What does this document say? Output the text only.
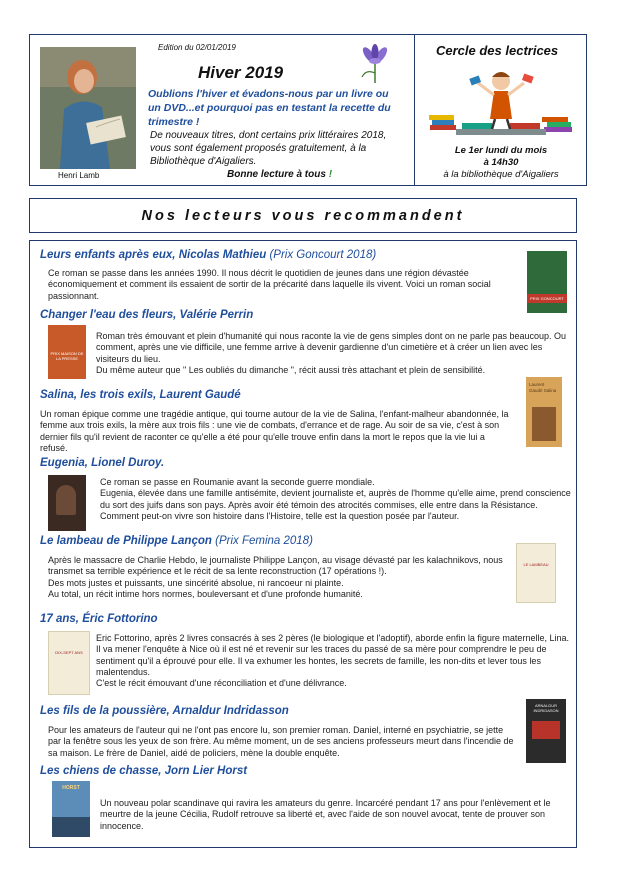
Henri Lamb
Edition du 02/01/2019
Hiver 2019
Oublions l'hiver et évadons-nous par un livre ou un DVD...et pourquoi pas en testant la recette du trimestre !
De nouveaux titres, dont certains prix littéraires 2018, vous sont également proposés gratuitement, à la Bibliothèque d'Aigaliers.
Bonne lecture à tous !
Cercle des lectrices
Le 1er lundi du mois
à 14h30
à la bibliothèque d'Aigaliers
Nos lecteurs vous recommandent
Leurs enfants après eux, Nicolas Mathieu (Prix Goncourt 2018)
Ce roman se passe dans les années 1990. Il nous décrit le quotidien de jeunes dans une région dévastée économiquement et comment ils essaient de sortir de la précarité dans laquelle ils vivent. Voici un roman social passionnant.	PRIX GONCOURT
Changer l'eau des fleurs, Valérie Perrin
Roman très émouvant et plein d'humanité qui nous raconte la vie de gens simples dont on ne parle pas beaucoup. Ou comment, après une vie difficile, une femme arrive à devenir gardienne d'un cimetière et à créer un lien avec les visiteurs du lieu.
Du même auteur que " Les oubliés du dimanche ", récit aussi très attachant et plein de sensibilité.
PRIX MAISON DE LA PRESSE
Salina, les trois exils, Laurent Gaudé
Un roman épique comme une tragédie antique, qui tourne autour de la vie de Salina, l'enfant-malheur abandonnée, la femme aux trois exils, la mère aux trois fils : une vie de combats, d'errance et de rage. Au soir de sa vie, c'est à son dernier fils qu'il revient de raconter ce qu'elle a été pour qu'elle trouve enfin dans la mort le repos que la vie lui a refusé.
Laurent Gaudé Salina
Eugenia, Lionel Duroy.
Ce roman se passe en Roumanie avant la seconde guerre mondiale.
Eugenia, élevée dans une famille antisémite, devient journaliste et, auprès de l'homme qu'elle aime, prend conscience du sort des juifs dans son pays. Après avoir été témoin des atrocités commises, elle entre dans la Résistance. Comment peut-on vivre son histoire dans l'Histoire, telle est la question posée par l'auteur.
Le lambeau de Philippe Lançon (Prix Femina 2018)
Après le massacre de Charlie Hebdo, le journaliste Philippe Lançon, au visage dévasté par les kalachnikovs, nous transmet sa terrible expérience et le récit de sa lente reconstruction (17 opérations !).
Des mots justes et puissants, une sincérité absolue, ni rancoeur ni plainte.
Au total, un récit intime hors normes, bouleversant et d'une profonde humanité.
LE LAMBEAU
17 ans, Éric Fottorino
Eric Fottorino, après 2 livres consacrés à ses 2 pères (le biologique et l'adoptif), aborde enfin la figure maternelle, Lina. Il va mener l'enquête à Nice où il est né et revenir sur les traces du passé de sa mère pour comprendre le peu de sentiment qu'il a éprouvé pour elle. Il va exhumer les hontes, les secrets de famille, les non-dits et lever tous les malentendus.
C'est le récit émouvant d'une réconciliation et d'une délivrance.
DIX-SEPT ANS
Les fils de la poussière, Arnaldur Indridasson
Pour les amateurs de l'auteur qui ne l'ont pas encore lu, son premier roman. Daniel, interné en psychiatrie, se jette par la fenêtre sous les yeux de son frère. Au même moment, un de ses anciens professeurs meurt dans l'incendie de sa maison. Le frère de Daniel, aidé de policiers, mène la double enquête.
ARNALDUR INDRIDASON
Les chiens de chasse, Jorn Lier Horst
Un nouveau polar scandinave qui ravira les amateurs du genre. Incarcéré pendant 17 ans pour l'enlèvement et le meurtre de la jeune Cécilia, Rudolf retrouve sa liberté et, avec l'aide de son nouvel avocat, tente de prouver son innocence.
HORST
